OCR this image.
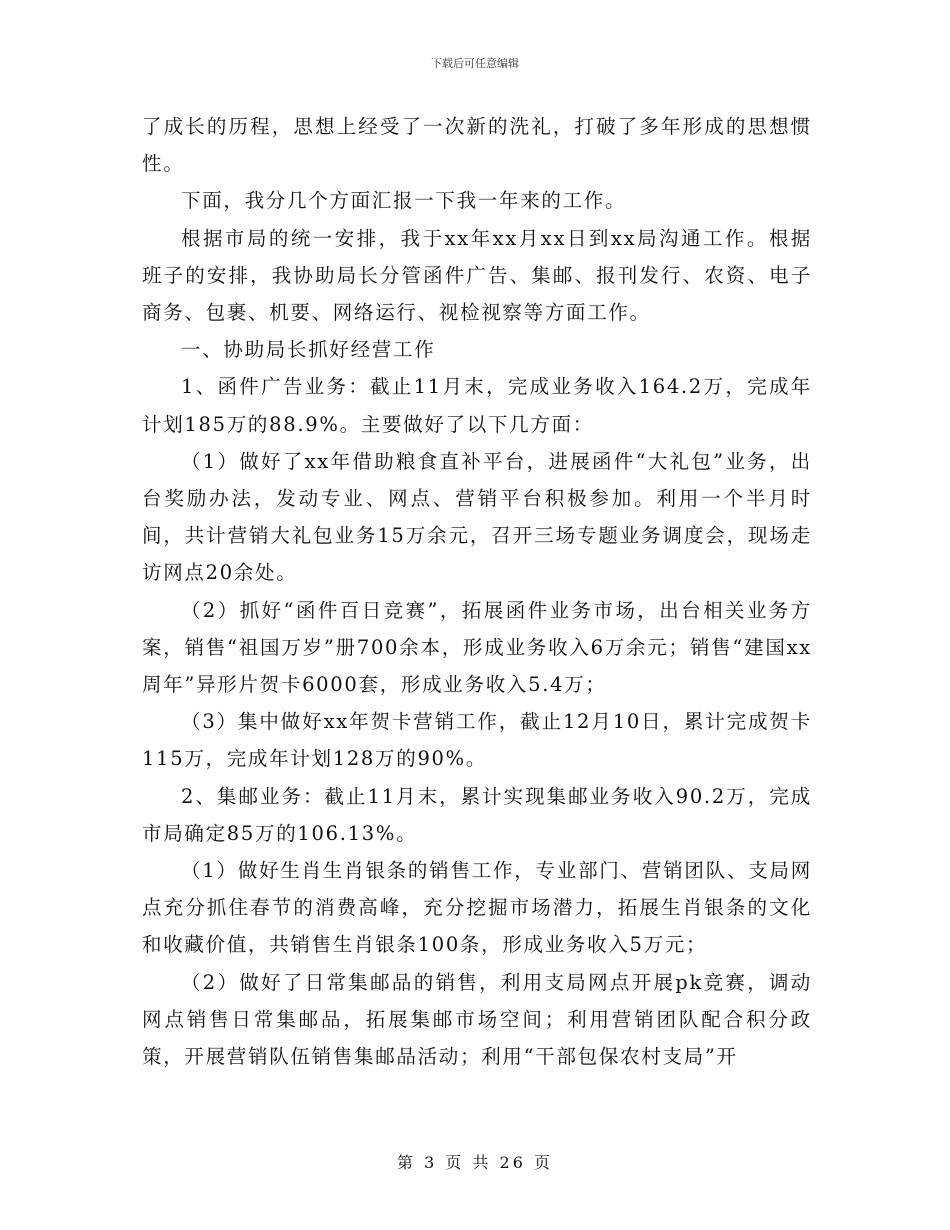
下载后可任意编辑

了成长的历程，思想上经受了一次新的洗礼，打破了多年形成的思想惯性。

下面，我分几个方面汇报一下我一年来的工作。

根据市局的统一安排，我于xx年xx月xx日到xx局沟通工作。根据班子的安排，我协助局长分管函件广告、集邮、报刊发行、农资、电子商务、包裹、机要、网络运行、视检视察等方面工作。

一、协助局长抓好经营工作

1、函件广告业务：截止11月末，完成业务收入164.2万，完成年计划185万的88.9%。主要做好了以下几方面：

（1）做好了xx年借助粮食直补平台，进展函件“大礼包”业务，出台奖励办法，发动专业、网点、营销平台积极参加。利用一个半月时间，共计营销大礼包业务15万余元，召开三场专题业务调度会，现场走访网点20余处。

（2）抓好“函件百日竞赛”，拓展函件业务市场，出台相关业务方案，销售“祖国万岁”册700余本，形成业务收入6万余元；销售“建国xx周年”异形片贺卡6000套，形成业务收入5.4万；

（3）集中做好xx年贺卡营销工作，截止12月10日，累计完成贺卡115万，完成年计划128万的90%。

2、集邮业务：截止11月末，累计实现集邮业务收入90.2万，完成市局确定85万的106.13%。

（1）做好生肖生肖银条的销售工作，专业部门、营销团队、支局网点充分抓住春节的消费高峰，充分挖掘市场潜力，拓展生肖银条的文化和收藏价值，共销售生肖银条100条，形成业务收入5万元；

（2）做好了日常集邮品的销售，利用支局网点开展pk竞赛，调动网点销售日常集邮品，拓展集邮市场空间；利用营销团队配合积分政策，开展营销队伍销售集邮品活动；利用“干部包保农村支局”开

第 3 页 共 26 页
